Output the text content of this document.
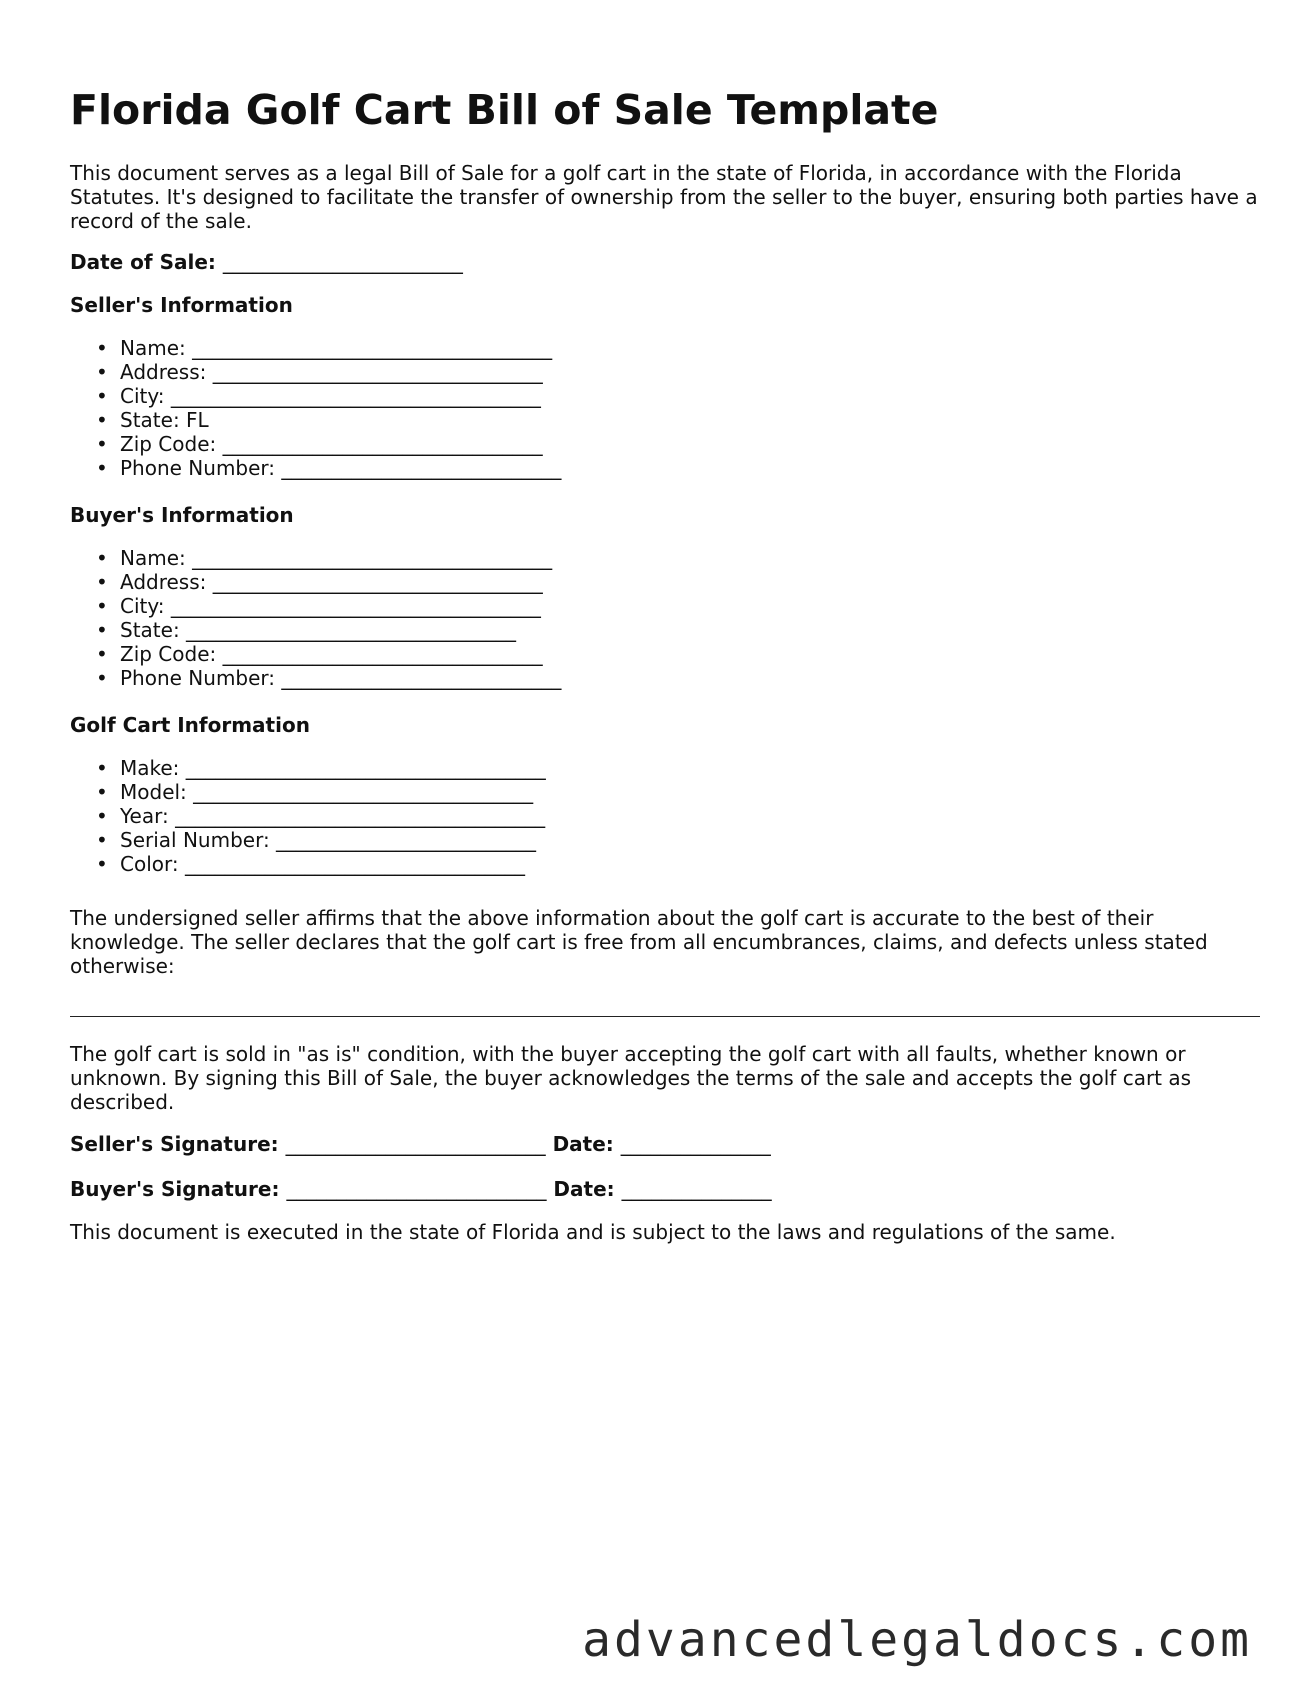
Florida Golf Cart Bill of Sale Template

This document serves as a legal Bill of Sale for a golf cart in the state of Florida, in accordance with the Florida Statutes. It's designed to facilitate the transfer of ownership from the seller to the buyer, ensuring both parties have a record of the sale.

Date of Sale: ________________________

Seller's Information

• Name: ____________________________________
• Address: _________________________________
• City: _____________________________________
• State: FL
• Zip Code: ________________________________
• Phone Number: ____________________________

Buyer's Information

• Name: ____________________________________
• Address: _________________________________
• City: _____________________________________
• State: _________________________________
• Zip Code: ________________________________
• Phone Number: ____________________________

Golf Cart Information

• Make: ____________________________________
• Model: __________________________________
• Year: _____________________________________
• Serial Number: __________________________
• Color: __________________________________

The undersigned seller affirms that the above information about the golf cart is accurate to the best of their knowledge. The seller declares that the golf cart is free from all encumbrances, claims, and defects unless stated otherwise:

The golf cart is sold in "as is" condition, with the buyer accepting the golf cart with all faults, whether known or unknown. By signing this Bill of Sale, the buyer acknowledges the terms of the sale and accepts the golf cart as described.

Seller's Signature: __________________________ Date: _______________

Buyer's Signature: __________________________ Date: _______________

This document is executed in the state of Florida and is subject to the laws and regulations of the same.

advancedlegaldocs.com
